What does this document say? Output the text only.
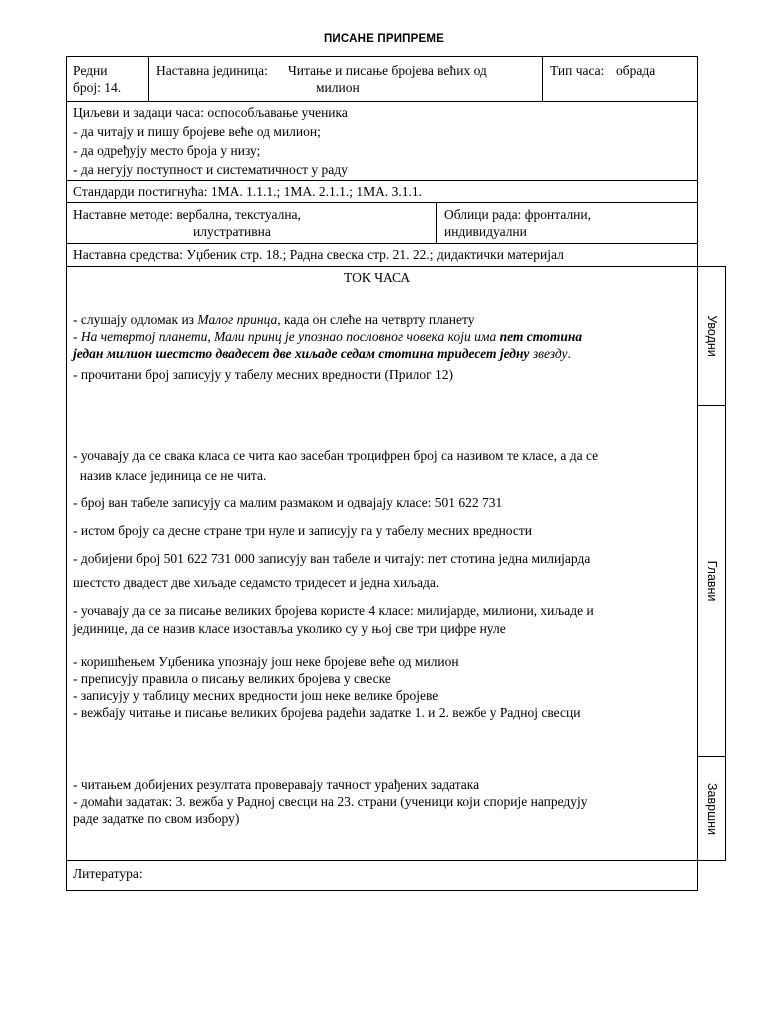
ПИСАНЕ ПРИПРЕМЕ
Редни
број: 14.
Наставна јединица: Читање и писање бројева већих од
милион
Тип часа: обрада
Циљеви и задаци часа: оспособљавање ученика
- да читају и пишу бројеве веће од милион;
- да одређују место броја у низу;
- да негују поступност и систематичност у раду
Стандарди постигнућа: 1МА. 1.1.1.; 1МА. 2.1.1.; 1МА. 3.1.1.
Наставне методе: вербална, текстуална,
илустративна
Облици рада: фронтални,
индивидуални
Наставна средства: Уџбеник стр. 18.; Радна свеска стр. 21. 22.; дидактички материјал
Уводни
Главни
Завршни
ТОК ЧАСА
- слушају одломак из Малог принца, када он слеће на четврту планету
- На четвртој планети, Мали принц је упознао пословног човека који има пет стотина
један милион шестсто двадесет две хиљаде седам стотина тридесет једну звезду.
- прочитани број записују у табелу месних вредности (Прилог 12)
- уочавају да се свака класа се чита као засебан троцифрен број са називом те класе, а да се
назив класе јединица се не чита.
- број ван табеле записују са малим размаком и одвајају класе: 501 622 731
- истом броју са десне стране три нуле и записују га у табелу месних вредности
- добијени број 501 622 731 000 записују ван табеле и читају: пет стотина једна милијарда
шестсто двадест две хиљаде седамсто тридесет и једна хиљада.
- уочавају да се за писање великих бројева користе 4 класе: милијарде, милиони, хиљаде и
јединице, да се назив класе изоставља уколико су у њој све три цифре нуле
- коришћењем Уџбеника упознају још неке бројеве веће од милион
- преписују правила о писању великих бројева у свеске
- записују у таблицу месних вредности још неке велике бројеве
- вежбају читање и писање великих бројева радећи задатке 1. и 2. вежбе у Радној свесци
- читањем добијених резултата проверавају тачност урађених задатака
- домаћи задатак: 3. вежба у Радној свесци на 23. страни (ученици који спорије напредују
раде задатке по свом избору)
Литература:
